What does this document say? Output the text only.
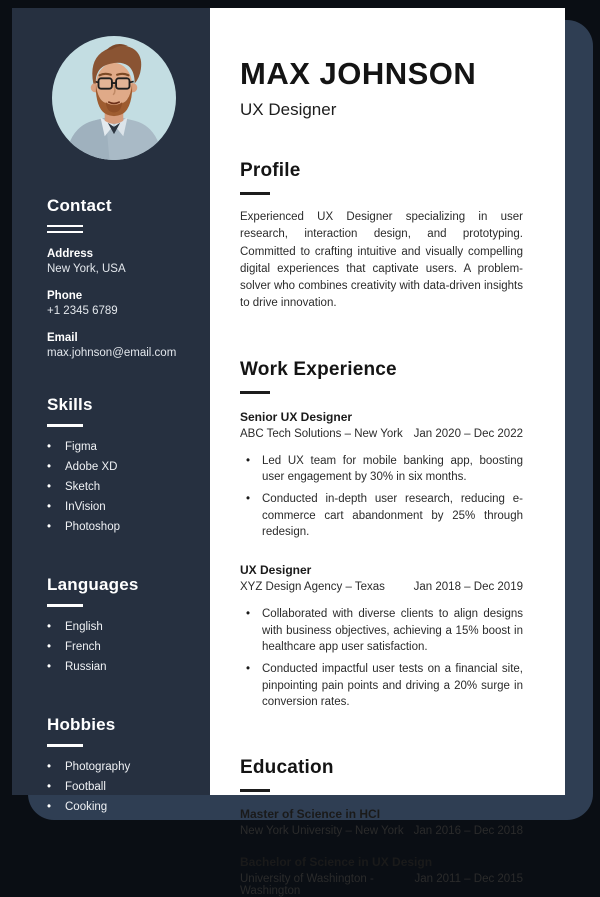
Contact
Address
New York, USA
Phone
+1 2345 6789
Email
max.johnson@email.com
Skills
•	Figma
•	Adobe XD
•	Sketch
•	InVision
•	Photoshop
Languages
•	English
•	French
•	Russian
Hobbies
•	Photography
•	Football
•	Cooking
MAX JOHNSON
UX Designer
Profile

Experienced UX Designer specializing in user research, interaction design, and prototyping. Committed to crafting intuitive and visually compelling digital experiences that captivate users. A problem-solver who combines creativity with data-driven insights to drive innovation.

Work Experience
Senior UX Designer
ABC Tech Solutions – New York Jan 2020 – Dec 2022
•	Led UX team for mobile banking app, boosting user engagement by 30% in six months.
•	Conducted in-depth user research, reducing e-commerce cart abandonment by 25% through redesign.
UX Designer
XYZ Design Agency – Texas	Jan 2018 – Dec 2019
•	Collaborated with diverse clients to align designs with business objectives, achieving a 15% boost in healthcare app user satisfaction.
•	Conducted impactful user tests on a financial site, pinpointing pain points and driving a 20% surge in conversion rates.
Education
Master of Science in HCI
New York University – New York Jan 2016 – Dec 2018
Bachelor of Science in UX Design
University of Washington - Washington
Jan 2011 – Dec 2015
